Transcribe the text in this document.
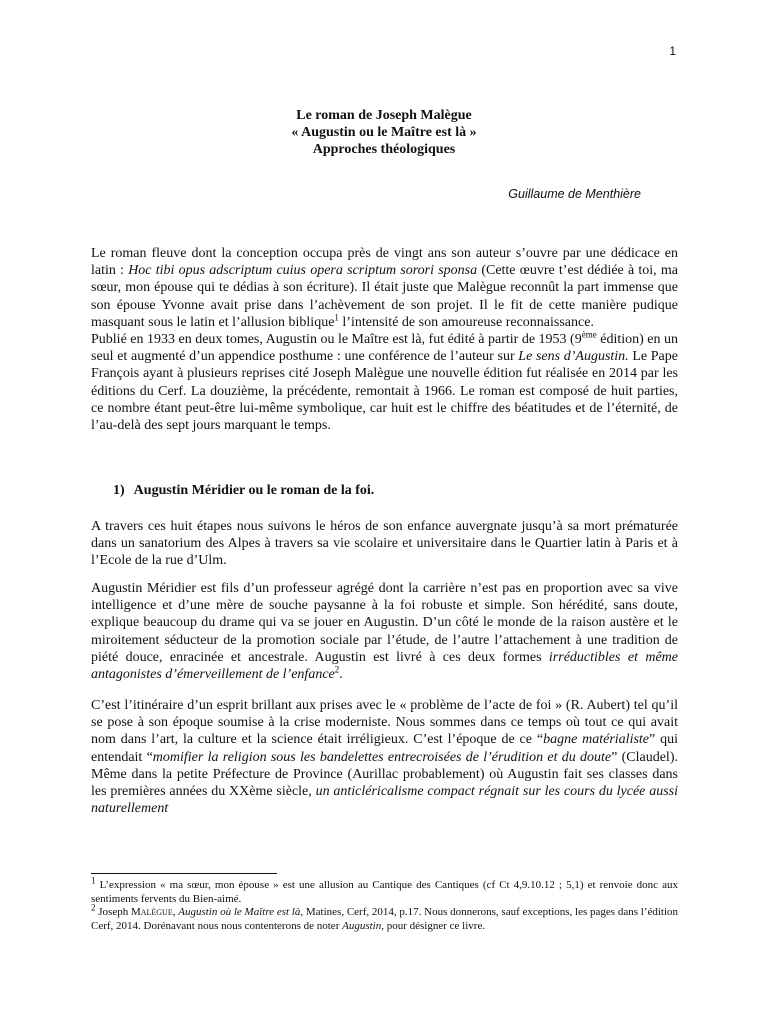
1
Le roman de Joseph Malègue
« Augustin ou le Maître est là »
Approches théologiques
Guillaume de Menthière

Le roman fleuve dont la conception occupa près de vingt ans son auteur s’ouvre par une dédicace en latin : Hoc tibi opus adscriptum cuius opera scriptum sorori sponsa (Cette œuvre t’est dédiée à toi, ma sœur, mon épouse qui te dédias à son écriture). Il était juste que Malègue reconnût la part immense que son épouse Yvonne avait prise dans l’achèvement de son projet. Il le fit de cette manière pudique masquant sous le latin et l’allusion biblique$^1$ l’intensité de son amoureuse reconnaissance.

Publié en 1933 en deux tomes, Augustin ou le Maître est là, fut édité à partir de 1953 (9ème édition) en un seul et augmenté d’un appendice posthume : une conférence de l’auteur sur Le sens d’Augustin. Le Pape François ayant à plusieurs reprises cité Joseph Malègue une nouvelle édition fut réalisée en 2014 par les éditions du Cerf. La douzième, la précédente, remontait à 1966. Le roman est composé de huit parties, ce nombre étant peut-être lui-même symbolique, car huit est le chiffre des béatitudes et de l’éternité, de l’au-delà des sept jours marquant le temps.

1) Augustin Méridier ou le roman de la foi.

A travers ces huit étapes nous suivons le héros de son enfance auvergnate jusqu’à sa mort prématurée dans un sanatorium des Alpes à travers sa vie scolaire et universitaire dans le Quartier latin à Paris et à l’Ecole de la rue d’Ulm.

Augustin Méridier est fils d’un professeur agrégé dont la carrière n’est pas en proportion avec sa vive intelligence et d’une mère de souche paysanne à la foi robuste et simple. Son hérédité, sans doute, explique beaucoup du drame qui va se jouer en Augustin. D’un côté le monde de la raison austère et le miroitement séducteur de la promotion sociale par l’étude, de l’autre l’attachement à une tradition de piété douce, enracinée et ancestrale. Augustin est livré à ces deux formes irréductibles et même antagonistes d’émerveillement de l’enfance$^2$.

C’est l’itinéraire d’un esprit brillant aux prises avec le « problème de l’acte de foi » (R. Aubert) tel qu’il se pose à son époque soumise à la crise moderniste. Nous sommes dans ce temps où tout ce qui avait nom dans l’art, la culture et la science était irréligieux. C’est l’époque de ce “bagne matérialiste” qui entendait “momifier la religion sous les bandelettes entrecroisées de l’érudition et du doute” (Claudel). Même dans la petite Préfecture de Province (Aurillac probablement) où Augustin fait ses classes dans les premières années du XXème siècle, un anticléricalisme compact régnait sur les cours du lycée aussi naturellement

$^1$ L’expression « ma sœur, mon épouse » est une allusion au Cantique des Cantiques (cf Ct 4,9.10.12 ; 5,1) et renvoie donc aux sentiments fervents du Bien-aimé.

$^2$ Joseph Malègue, Augustin où le Maître est là, Matines, Cerf, 2014, p.17. Nous donnerons, sauf exceptions, les pages dans l’édition Cerf, 2014. Dorénavant nous nous contenterons de noter Augustin, pour désigner ce livre.
